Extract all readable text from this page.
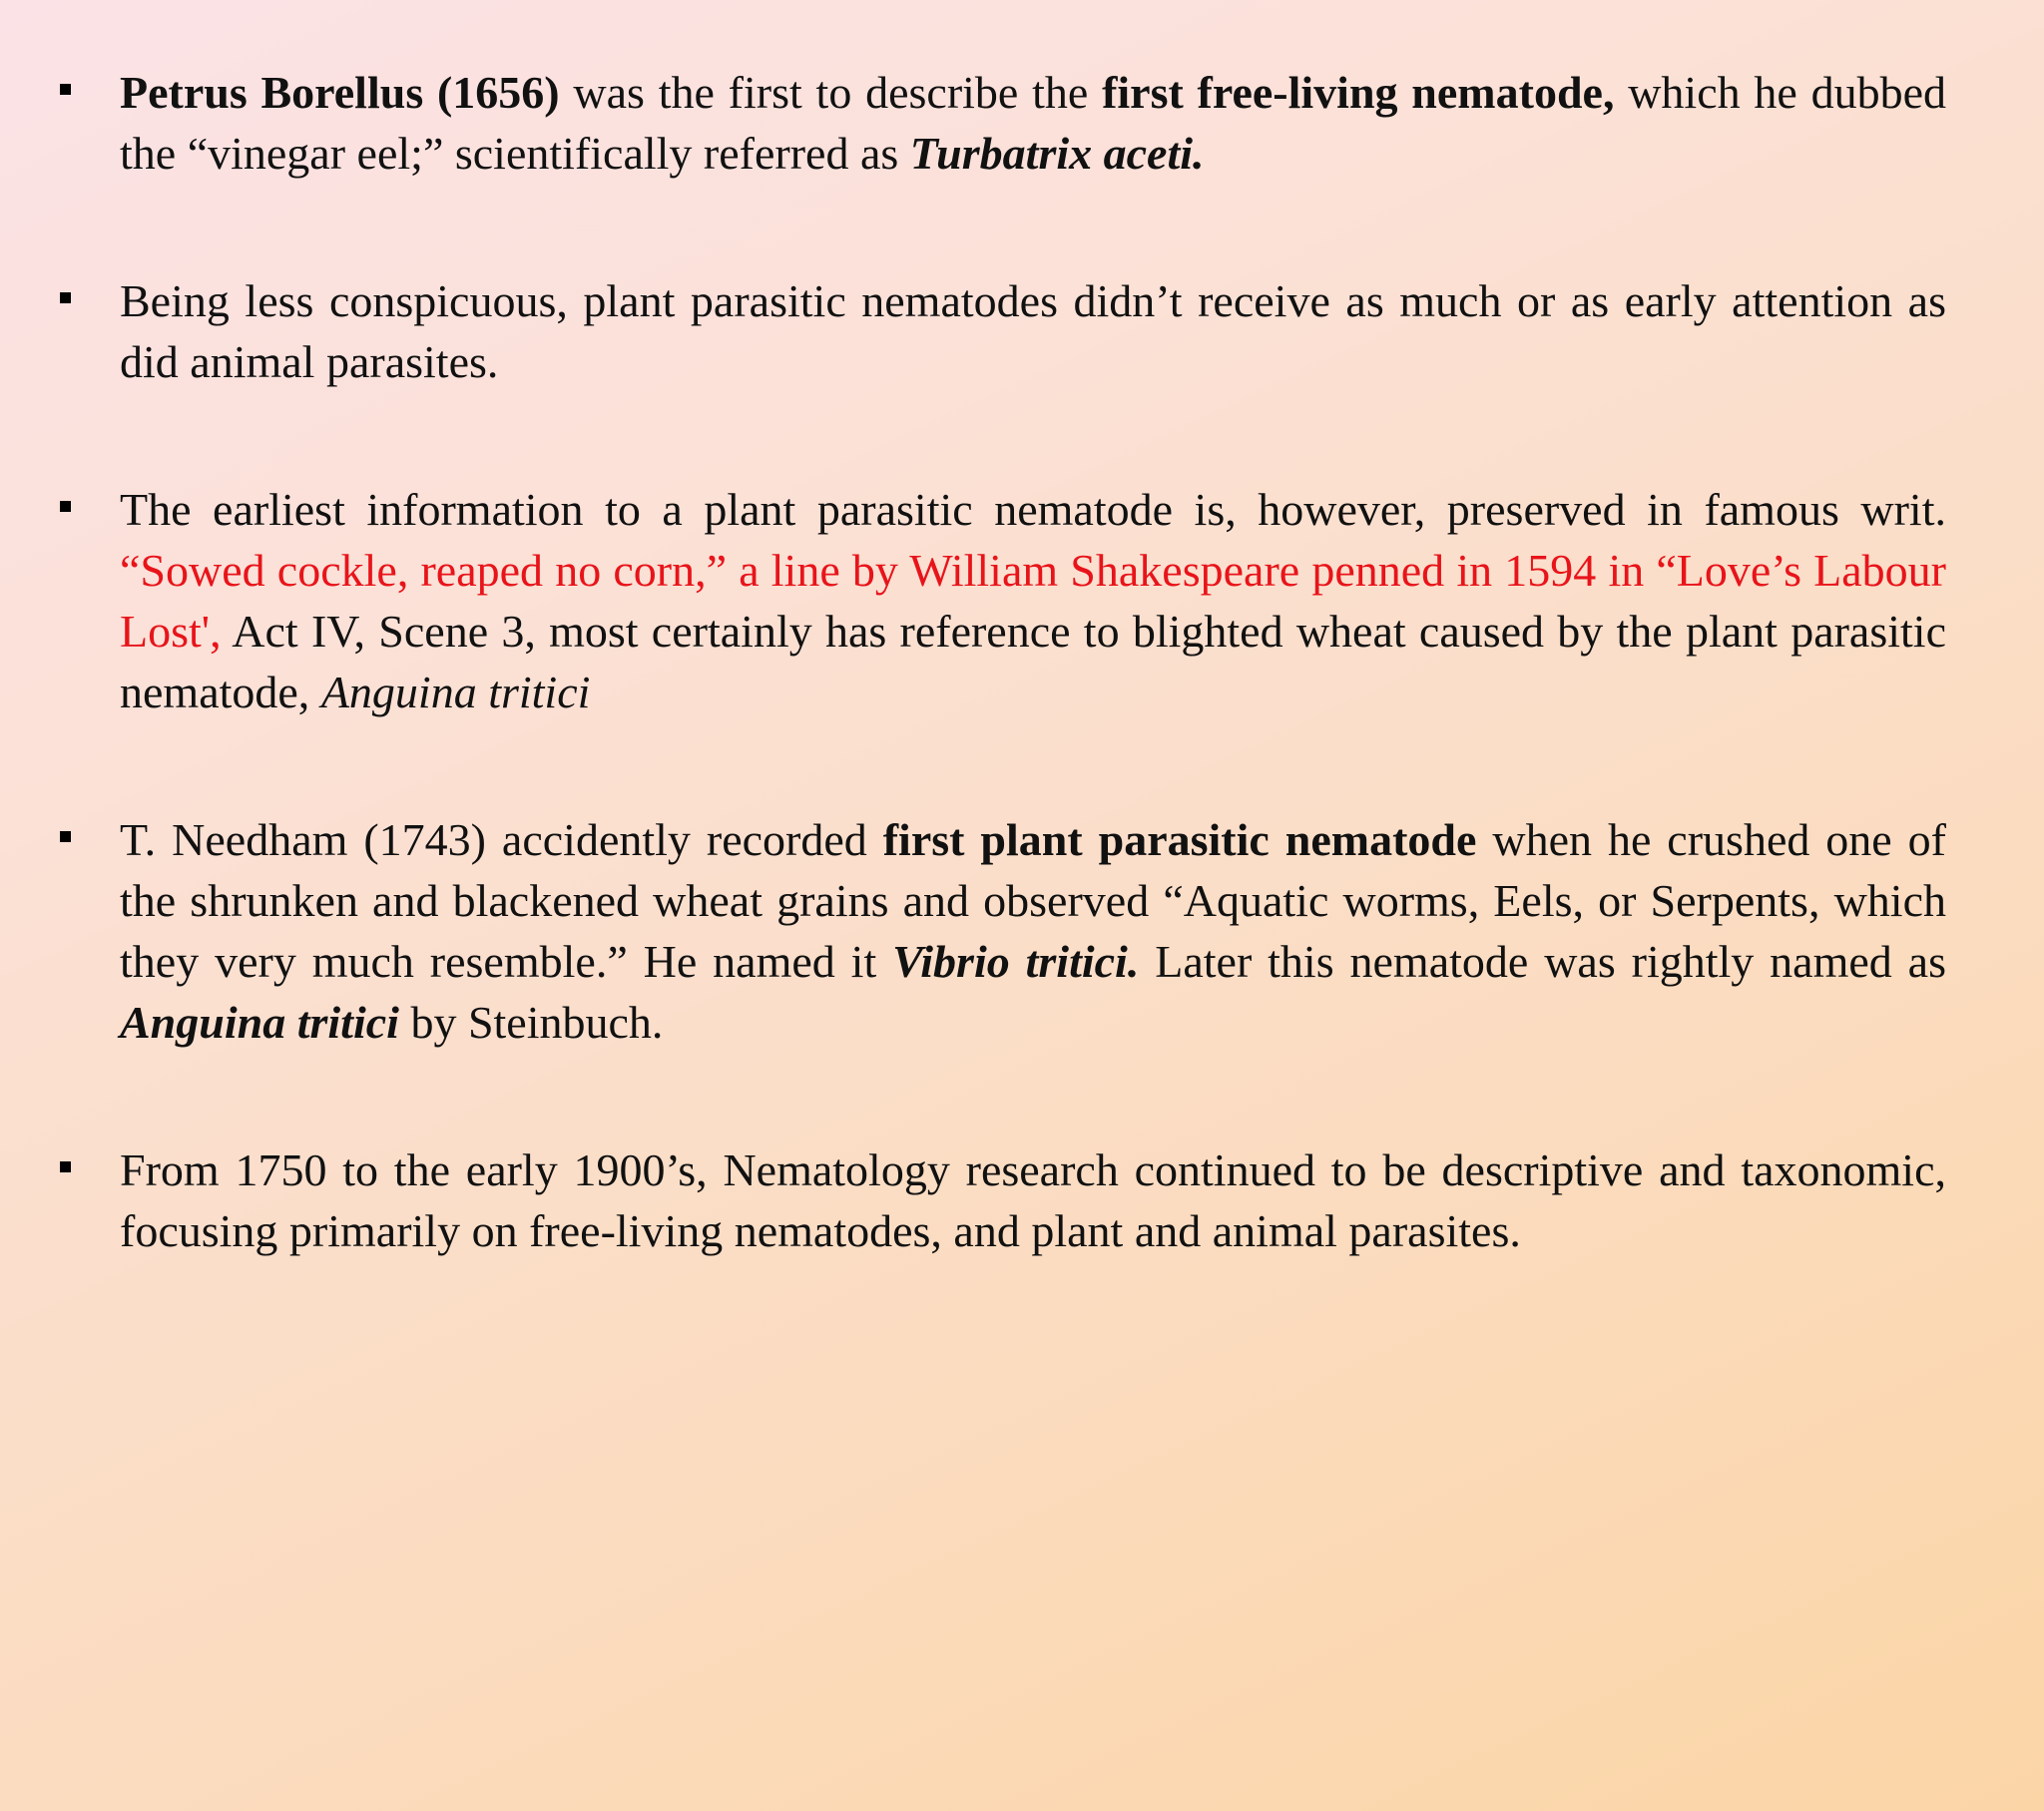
Petrus Borellus (1656) was the first to describe the first free-living nematode, which he dubbed the “vinegar eel;” scientifically referred as Turbatrix aceti.
Being less conspicuous, plant parasitic nematodes didn’t receive as much or as early attention as did animal parasites.
The earliest information to a plant parasitic nematode is, however, preserved in famous writ. “Sowed cockle, reaped no corn,” a line by William Shakespeare penned in 1594 in “Love’s Labour Lost', Act IV, Scene 3, most certainly has reference to blighted wheat caused by the plant parasitic nematode, Anguina tritici
T. Needham (1743) accidently recorded first plant parasitic nematode when he crushed one of the shrunken and blackened wheat grains and observed “Aquatic worms, Eels, or Serpents, which they very much resemble.” He named it Vibrio tritici. Later this nematode was rightly named as Anguina tritici by Steinbuch.
From 1750 to the early 1900’s, Nematology research continued to be descriptive and taxonomic, focusing primarily on free-living nematodes, and plant and animal parasites.
